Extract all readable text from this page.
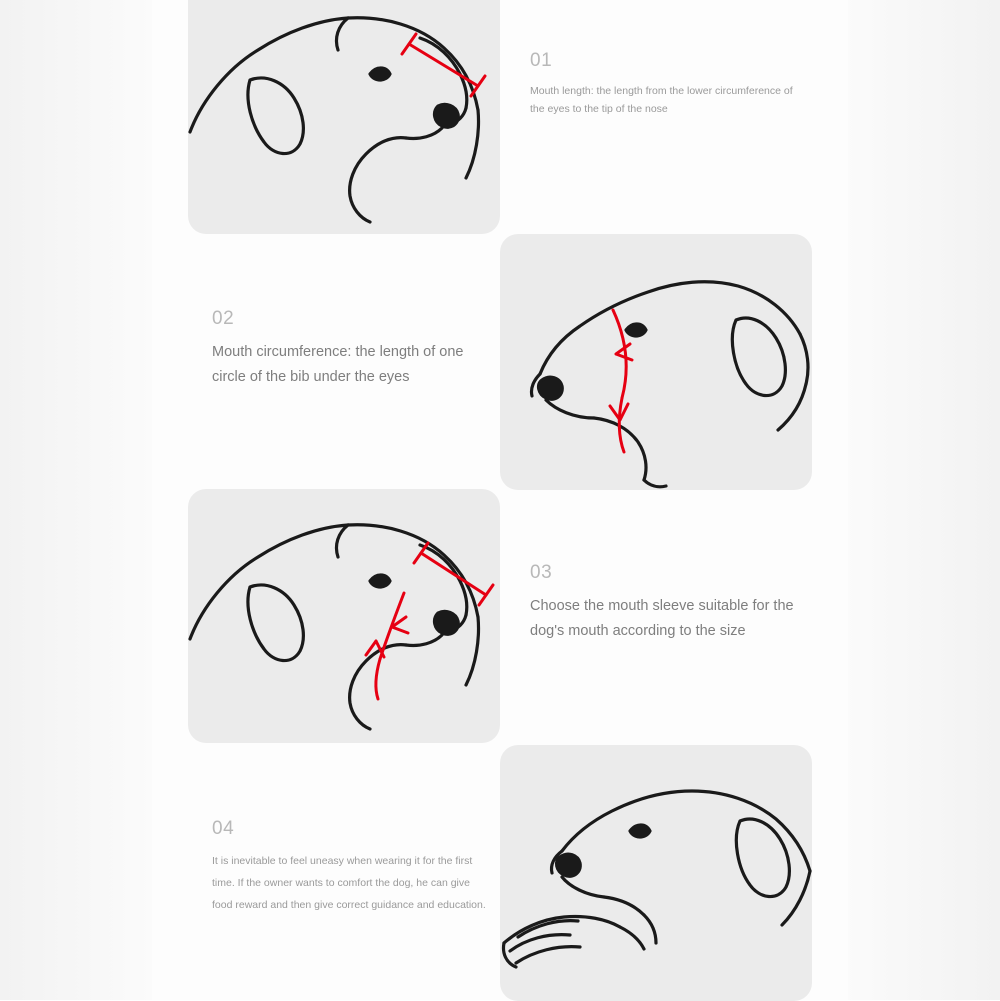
01
Mouth length: the length from the lower circumference of the eyes to the tip of the nose
02
Mouth circumference: the length of one circle of the bib under the eyes
03
Choose the mouth sleeve suitable for the dog's mouth according to the size
04
It is inevitable to feel uneasy when wearing it for the first time. If the owner wants to comfort the dog, he can give food reward and then give correct guidance and education.
